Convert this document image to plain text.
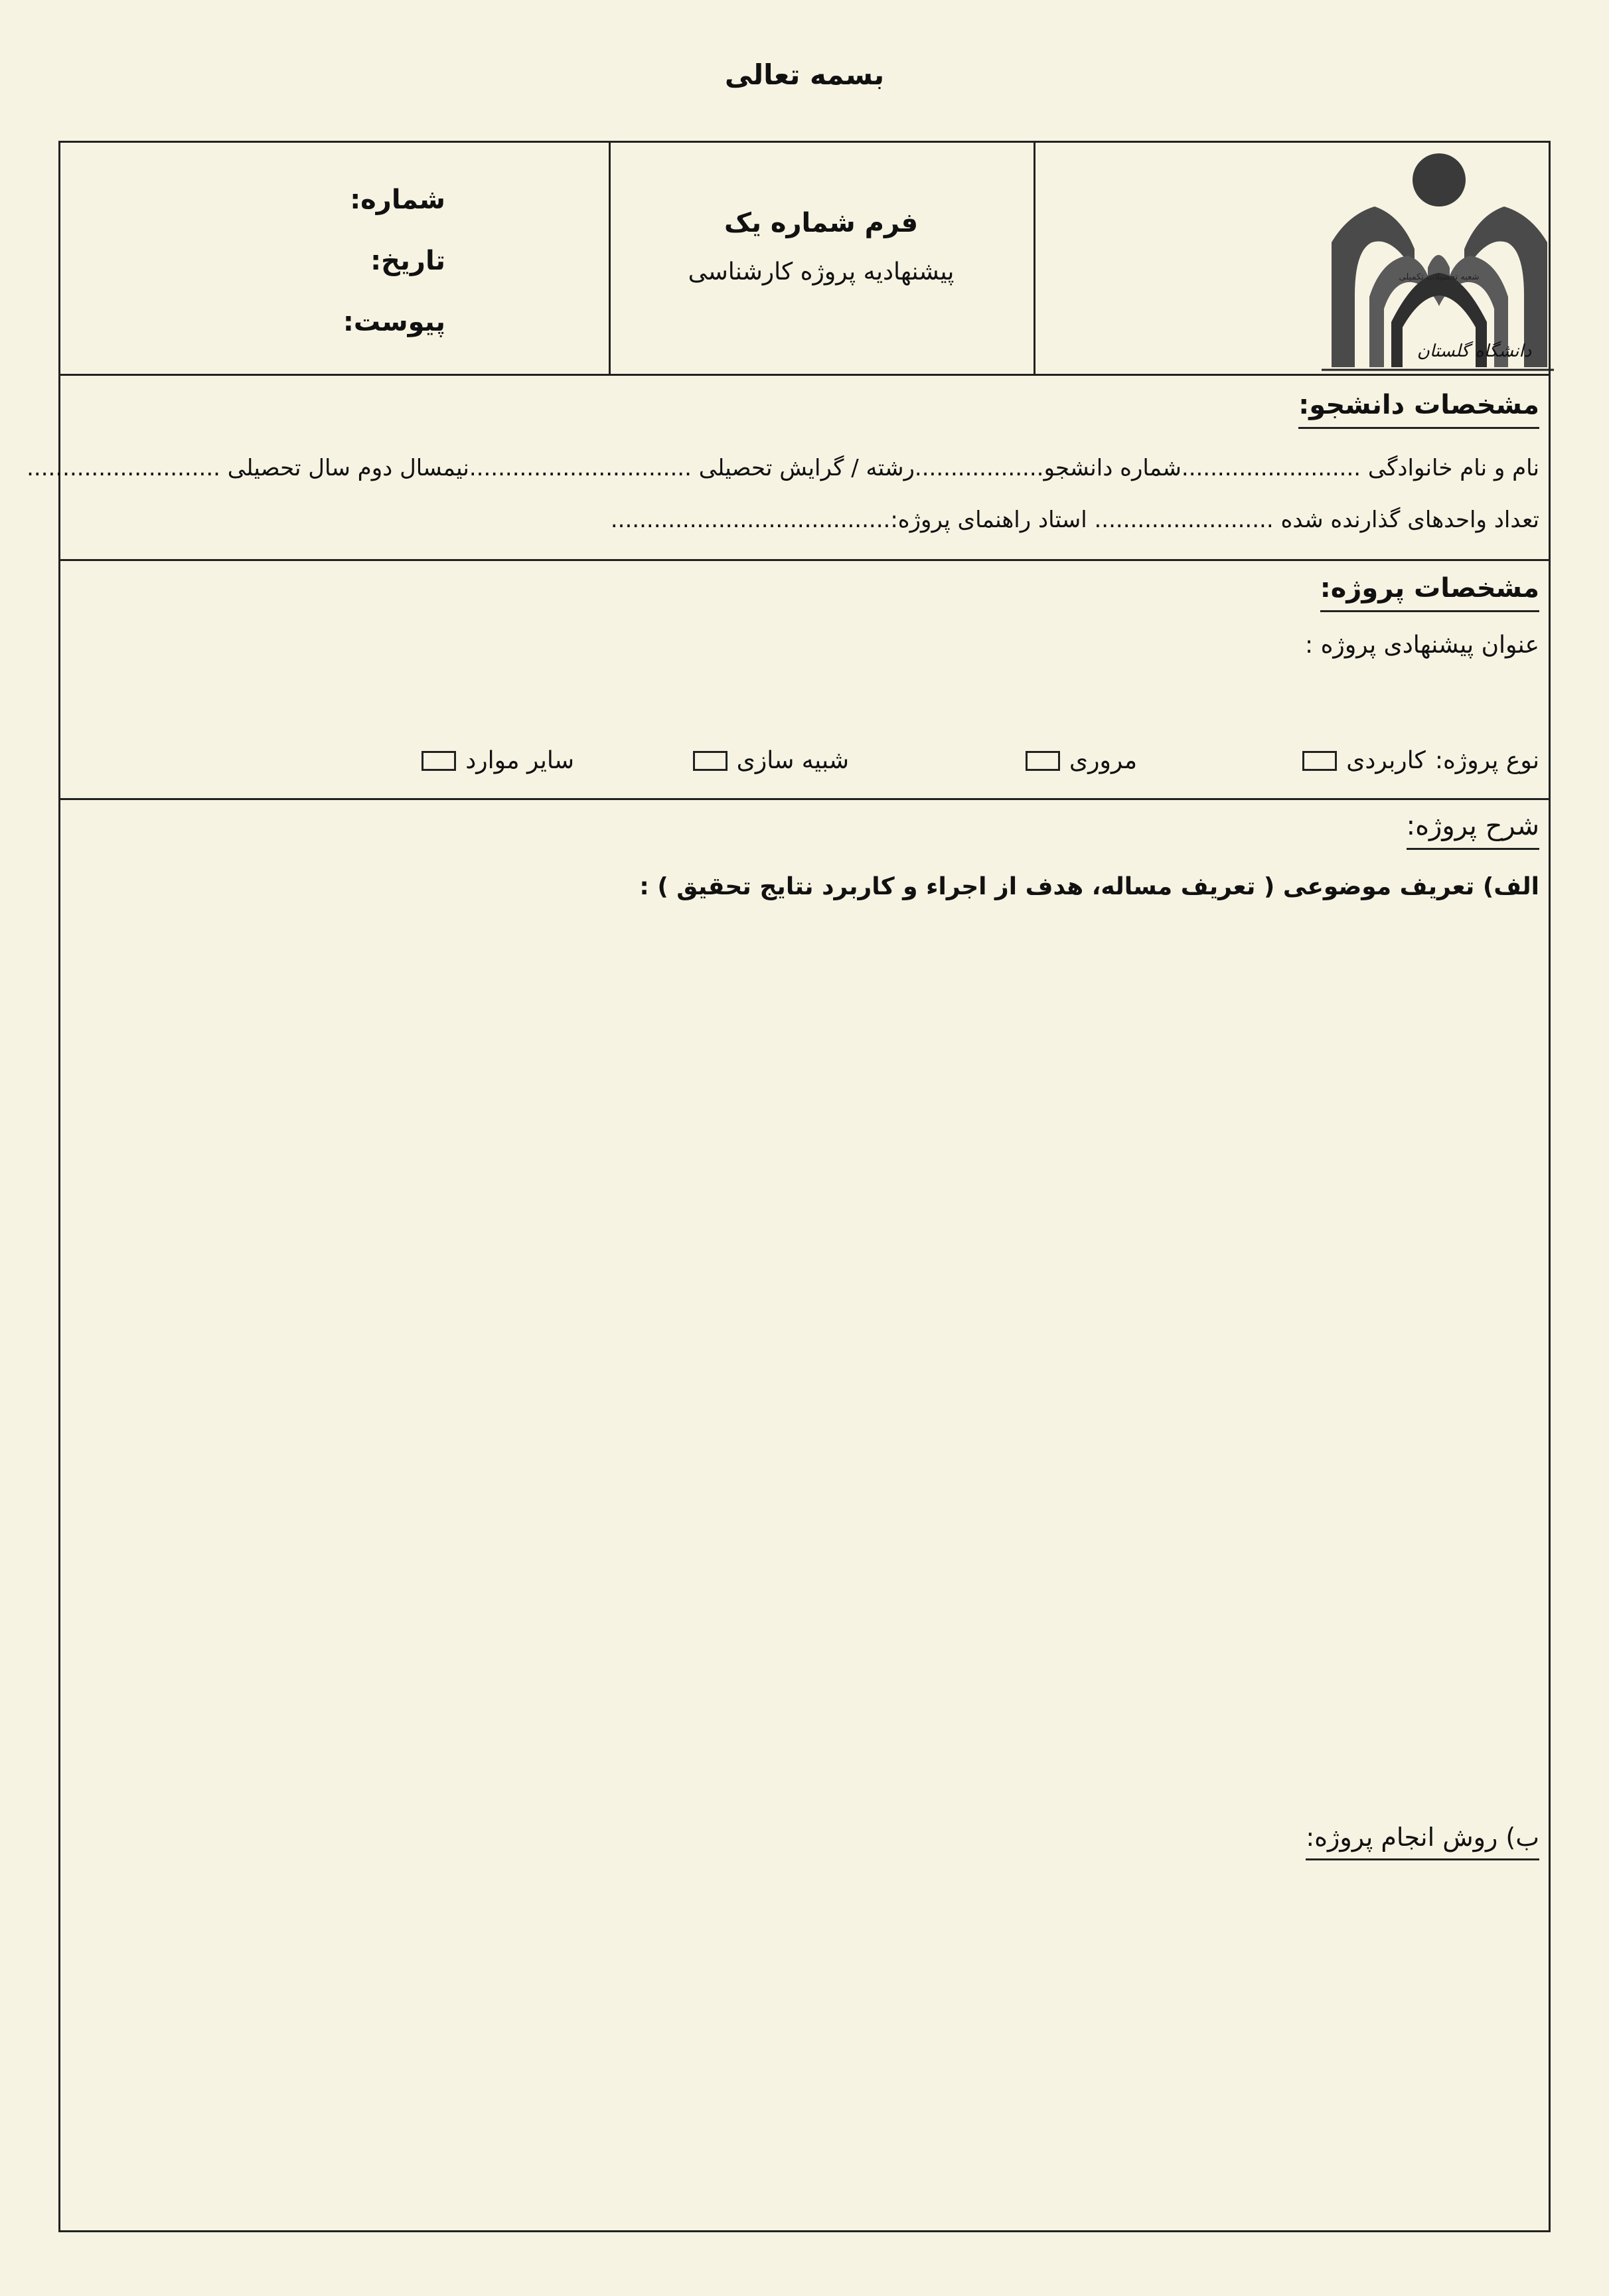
بسمه تعالی
شماره:
تاریخ:
پیوست:
فرم شماره یک
پیشنهادیه پروژه کارشناسی	شعبه تحصیلات تکمیلی
دانشگاه گلستان
مشخصات دانشجو:
نام و نام خانوادگی .........................شماره دانشجو..................رشته / گرایش تحصیلی ...............................نیمسال دوم سال تحصیلی ...........................
تعداد واحدهای گذارنده شده ......................... استاد راهنمای پروژه:.......................................
مشخصات پروژه:
عنوان پیشنهادی پروژه :
نوع پروژه:
کاربردی
مروری
شبیه سازی
سایر موارد
شرح پروژه:
الف) تعریف موضوعی ( تعریف مساله، هدف از اجراء و کاربرد نتایج تحقیق ) :
ب) روش انجام پروژه:
